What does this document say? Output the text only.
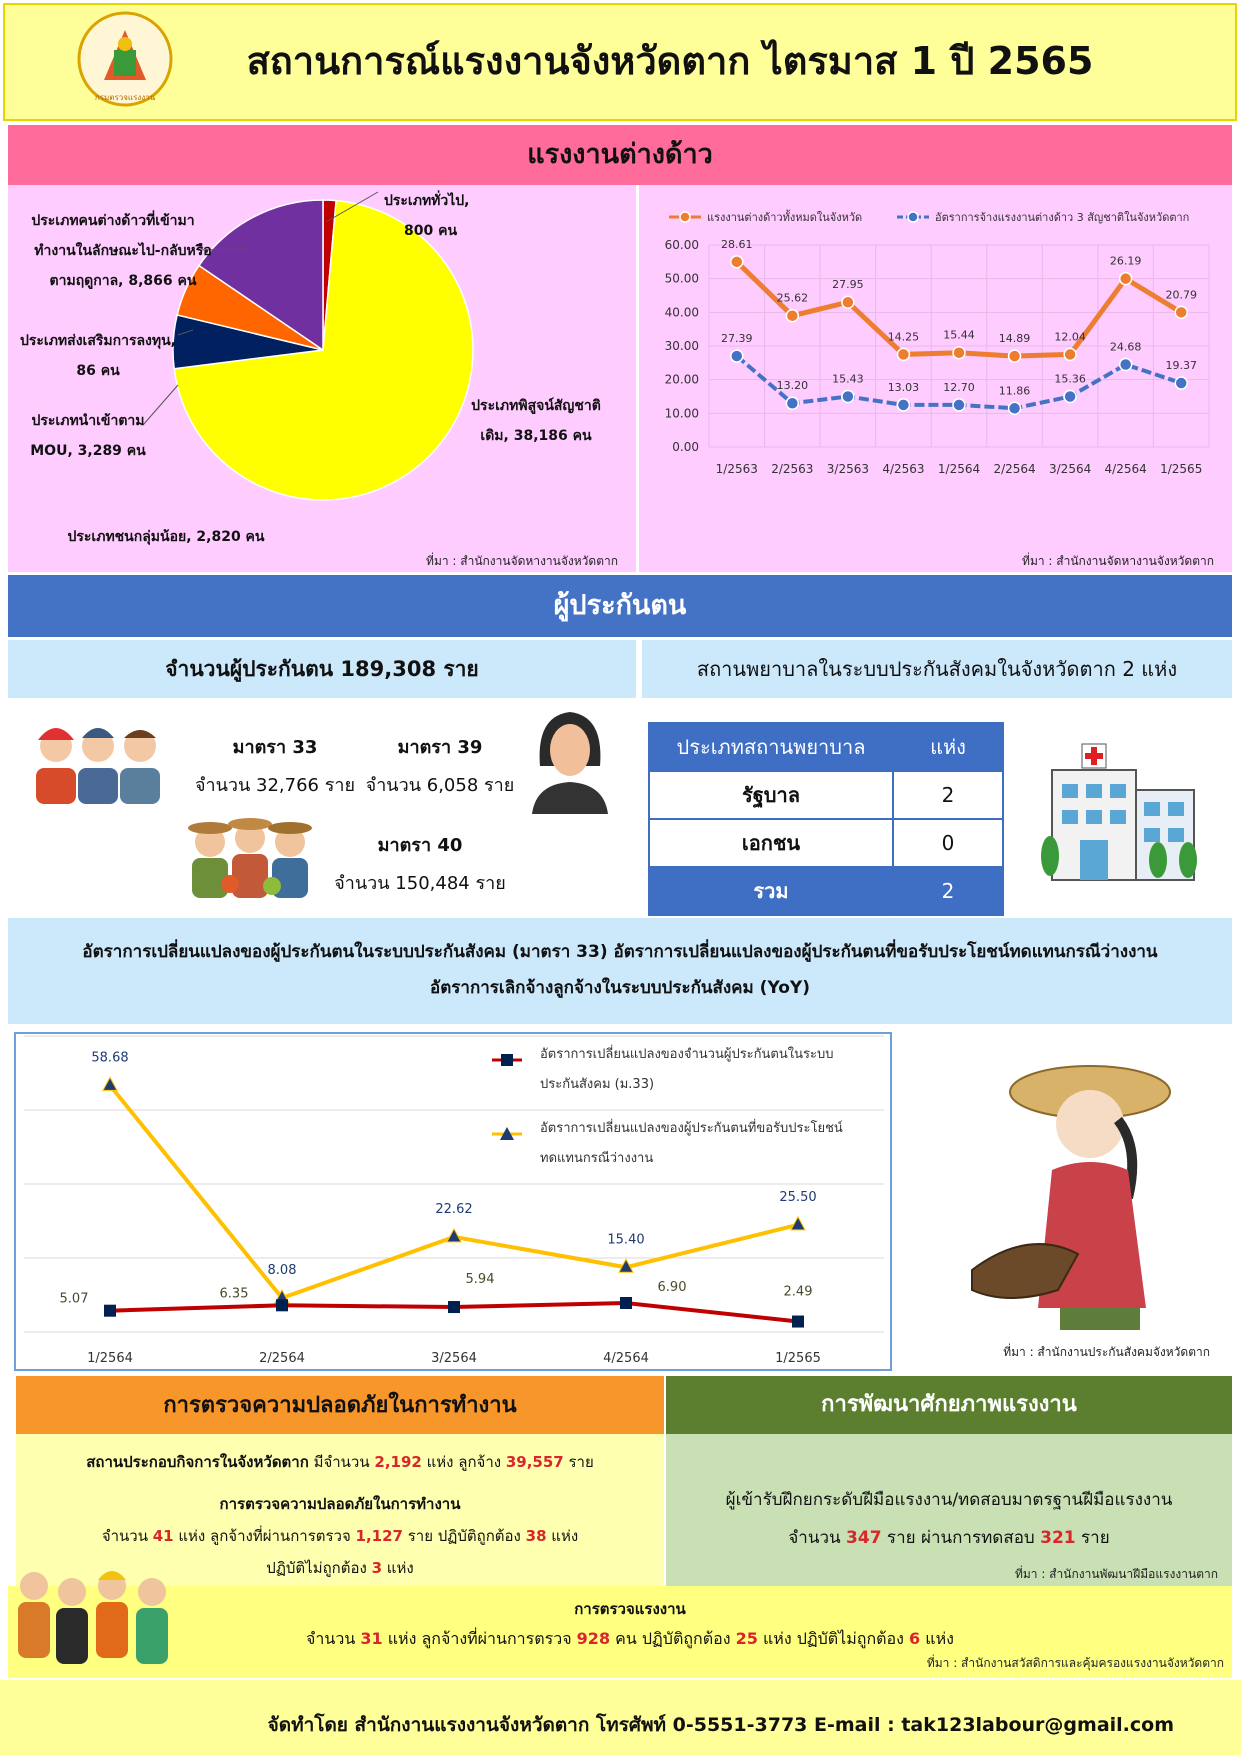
กรมตรวจแรงงาน
สถานการณ์แรงงานจังหวัดตาก ไตรมาส 1 ปี 2565
แรงงานต่างด้าว
ประเภททั่วไป,
800 คน
ประเภทคนต่างด้าวที่เข้ามา
ทำงานในลักษณะไป-กลับหรือ
ตามฤดูกาล, 8,866 คน
ประเภทส่งเสริมการลงทุน,
86 คน
ประเภทนำเข้าตาม
MOU, 3,289 คน
ประเภทพิสูจน์สัญชาติ
เดิม, 38,186 คน
ประเภทชนกลุ่มน้อย, 2,820 คน
ที่มา : สำนักงานจัดหางานจังหวัดตาก
แรงงานต่างด้าวทั้งหมดในจังหวัด	อัตราการจ้างแรงงานต่างด้าว 3 สัญชาติในจังหวัดตาก
0.00
10.00
20.00
30.00
40.00
50.00
60.00
1/2563 2/2563 3/2563 4/2563 1/2564 2/2564 3/2564 4/2564 1/2565
28.61
25.62
27.95
14.25 15.44 14.89 12.04
26.19
20.79
27.39
13.20
15.43
13.03 12.70 11.86
15.36
24.68
19.37
ที่มา : สำนักงานจัดหางานจังหวัดตาก
ผู้ประกันตน
จำนวนผู้ประกันตน 189,308 ราย	สถานพยาบาลในระบบประกันสังคมในจังหวัดตาก 2 แห่ง
มาตรา 33
จำนวน 32,766 ราย
มาตรา 39
จำนวน 6,058 ราย
มาตรา 40
จำนวน 150,484 ราย
ประเภทสถานพยาบาล	แห่ง
รัฐบาล	2
เอกชน	0
รวม	2
อัตราการเปลี่ยนแปลงของผู้ประกันตนในระบบประกันสังคม (มาตรา 33) อัตราการเปลี่ยนแปลงของผู้ประกันตนที่ขอรับประโยชน์ทดแทนกรณีว่างงาน
อัตราการเลิกจ้างลูกจ้างในระบบประกันสังคม (YoY)
58.68
8.08
22.62
15.40
25.50
5.07	6.35
5.94
6.90	2.49
1/2564	2/2564	3/2564	4/2564	1/2565
อัตราการเปลี่ยนแปลงของจำนวนผู้ประกันตนในระบบ
ประกันสังคม (ม.33)
อัตราการเปลี่ยนแปลงของผู้ประกันตนที่ขอรับประโยชน์
ทดแทนกรณีว่างงาน
ที่มา : สำนักงานประกันสังคมจังหวัดตาก
การตรวจความปลอดภัยในการทำงาน
สถานประกอบกิจการในจังหวัดตาก มีจำนวน 2,192 แห่ง ลูกจ้าง 39,557 ราย
การตรวจความปลอดภัยในการทำงาน
จำนวน 41 แห่ง ลูกจ้างที่ผ่านการตรวจ 1,127 ราย ปฏิบัติถูกต้อง 38 แห่ง
ปฏิบัติไม่ถูกต้อง 3 แห่ง
การพัฒนาศักยภาพแรงงาน
ผู้เข้ารับฝึกยกระดับฝีมือแรงงาน/ทดสอบมาตรฐานฝีมือแรงงาน
จำนวน 347 ราย ผ่านการทดสอบ 321 ราย
ที่มา : สำนักงานพัฒนาฝีมือแรงงานตาก
การตรวจแรงงาน
จำนวน 31 แห่ง ลูกจ้างที่ผ่านการตรวจ 928 คน ปฏิบัติถูกต้อง 25 แห่ง ปฏิบัติไม่ถูกต้อง 6 แห่ง
ที่มา : สำนักงานสวัสดิการและคุ้มครองแรงงานจังหวัดตาก
จัดทำโดย สำนักงานแรงงานจังหวัดตาก โทรศัพท์ 0-5551-3773 E-mail : tak123labour@gmail.com
